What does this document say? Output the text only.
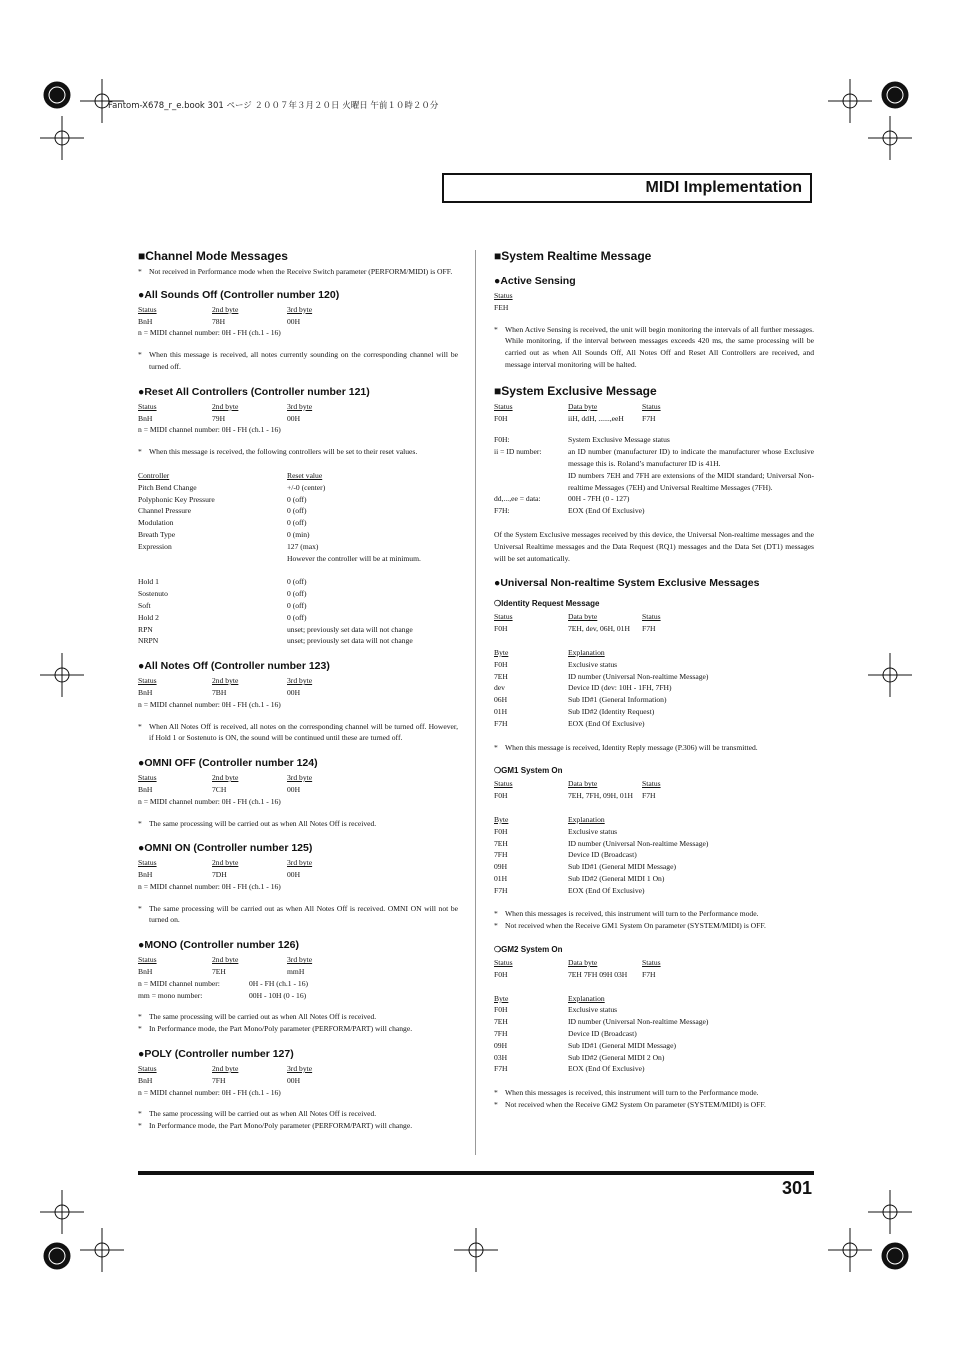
Fantom-X678_r_e.book 301 ページ ２００７年３月２０日 火曜日 午前１０時２０分
MIDI Implementation
■Channel Mode Messages
* Not received in Performance mode when the Receive Switch parameter (PERFORM/MIDI) is OFF.
●All Sounds Off (Controller number 120)
Status	2nd byte	3rd byte
BnH	78H	00H
n = MIDI channel number: 0H - FH (ch.1 - 16)
* When this message is received, all notes currently sounding on the corresponding channel will be turned off.
●Reset All Controllers (Controller number 121)
Status	2nd byte	3rd byte
BnH	79H	00H
n = MIDI channel number: 0H - FH (ch.1 - 16)
* When this message is received, the following controllers will be set to their reset values.
Controller	Reset value
Pitch Bend Change	+/-0 (center)
Polyphonic Key Pressure	0 (off)
Channel Pressure	0 (off)
Modulation	0 (off)
Breath Type	0 (min)
Expression	127 (max)
	However the controller will be at minimum.
Hold 1	0 (off)
Sostenuto	0 (off)
Soft	0 (off)
Hold 2	0 (off)
RPN	unset; previously set data will not change
NRPN	unset; previously set data will not change
●All Notes Off (Controller number 123)
Status	2nd byte	3rd byte
BnH	7BH	00H
n = MIDI channel number: 0H - FH (ch.1 - 16)
* When All Notes Off is received, all notes on the corresponding channel will be turned off. However, if Hold 1 or Sostenuto is ON, the sound will be continued until these are turned off.
●OMNI OFF (Controller number 124)
Status	2nd byte	3rd byte
BnH	7CH	00H
n = MIDI channel number: 0H - FH (ch.1 - 16)
* The same processing will be carried out as when All Notes Off is received.
●OMNI ON (Controller number 125)
Status	2nd byte	3rd byte
BnH	7DH	00H
n = MIDI channel number: 0H - FH (ch.1 - 16)
* The same processing will be carried out as when All Notes Off is received. OMNI ON will not be turned on.
●MONO (Controller number 126)
Status	2nd byte	3rd byte
BnH	7EH	mmH
n = MIDI channel number:	0H - FH (ch.1 - 16)
mm = mono number:	00H - 10H (0 - 16)
* The same processing will be carried out as when All Notes Off is received.
* In Performance mode, the Part Mono/Poly parameter (PERFORM/PART) will change.
●POLY (Controller number 127)
Status	2nd byte	3rd byte
BnH	7FH	00H
n = MIDI channel number: 0H - FH (ch.1 - 16)
* The same processing will be carried out as when All Notes Off is received.
* In Performance mode, the Part Mono/Poly parameter (PERFORM/PART) will change.
■System Realtime Message
●Active Sensing
Status
FEH
* When Active Sensing is received, the unit will begin monitoring the intervals of all further messages. While monitoring, if the interval between messages exceeds 420 ms, the same processing will be carried out as when All Sounds Off, All Notes Off and Reset All Controllers are received, and message interval monitoring will be halted.
■System Exclusive Message
Status	Data byte	Status
F0H	iiH, ddH, ......,eeH	F7H
F0H:	System Exclusive Message status
ii = ID number:	an ID number (manufacturer ID) to indicate the manufacturer whose Exclusive message this is. Roland’s manufacturer ID is 41H.
	ID numbers 7EH and 7FH are extensions of the MIDI standard; Universal Non-realtime Messages (7EH) and Universal Realtime Messages (7FH).
dd,...,ee = data:	00H - 7FH (0 - 127)
F7H:	EOX (End Of Exclusive)
Of the System Exclusive messages received by this device, the Universal Non-realtime messages and the Universal Realtime messages and the Data Request (RQ1) messages and the Data Set (DT1) messages will be set automatically.
●Universal Non-realtime System Exclusive Messages
❍Identity Request Message
Status	Data byte	Status
F0H	7EH, dev, 06H, 01H	F7H
Byte	Explanation
F0H	Exclusive status
7EH	ID number (Universal Non-realtime Message)
dev	Device ID (dev: 10H - 1FH, 7FH)
06H	Sub ID#1 (General Information)
01H	Sub ID#2 (Identity Request)
F7H	EOX (End Of Exclusive)
* When this message is received, Identity Reply message (P.306) will be transmitted.
❍GM1 System On
Status	Data byte	Status
F0H	7EH, 7FH, 09H, 01H	F7H
Byte	Explanation
F0H	Exclusive status
7EH	ID number (Universal Non-realtime Message)
7FH	Device ID (Broadcast)
09H	Sub ID#1 (General MIDI Message)
01H	Sub ID#2 (General MIDI 1 On)
F7H	EOX (End Of Exclusive)
* When this messages is received, this instrument will turn to the Performance mode.
* Not received when the Receive GM1 System On parameter (SYSTEM/MIDI) is OFF.
❍GM2 System On
Status	Data byte	Status
F0H	7EH 7FH 09H 03H	F7H
Byte	Explanation
F0H	Exclusive status
7EH	ID number (Universal Non-realtime Message)
7FH	Device ID (Broadcast)
09H	Sub ID#1 (General MIDI Message)
03H	Sub ID#2 (General MIDI 2 On)
F7H	EOX (End Of Exclusive)
* When this messages is received, this instrument will turn to the Performance mode.
* Not received when the Receive GM2 System On parameter (SYSTEM/MIDI) is OFF.
301
